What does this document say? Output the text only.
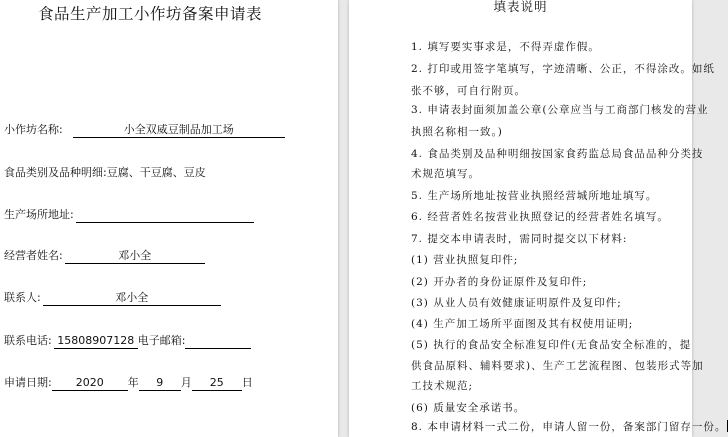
食品生产加工小作坊备案申请表
小作坊名称:	小全双威豆制品加工场
食品类别及品种明细: 豆腐、干豆腐、豆皮
生产场所地址:
经营者姓名:	邓小全
联系人:	邓小全
联系电话: 15808907128 电子邮箱:
申请日期:	2020	年	9	月	25	日
填表说明
1. 填写要实事求是，不得弄虚作假。
2. 打印或用签字笔填写，字迹清晰、公正，不得涂改。如纸
张不够，可自行附页。
3. 申请表封面须加盖公章(公章应当与工商部门核发的营业
执照名称相一致。)
4. 食品类别及品种明细按国家食药监总局食品品种分类技
术规范填写。
5. 生产场所地址按营业执照经营城所地址填写。
6. 经营者姓名按营业执照登记的经营者姓名填写。
7. 提交本申请表时，需同时提交以下材料:
(1) 营业执照复印件;
(2) 开办者的身份证原件及复印件;
(3) 从业人员有效健康证明原件及复印件;
(4) 生产加工场所平面图及其有权使用证明;
(5) 执行的食品安全标准复印件(无食品安全标准的，提
供食品原料、辅料要求)、生产工艺流程图、包装形式等加
工技术规范;
(6) 质量安全承诺书。
8. 本申请材料一式二份，申请人留一份，备案部门留存一份。
